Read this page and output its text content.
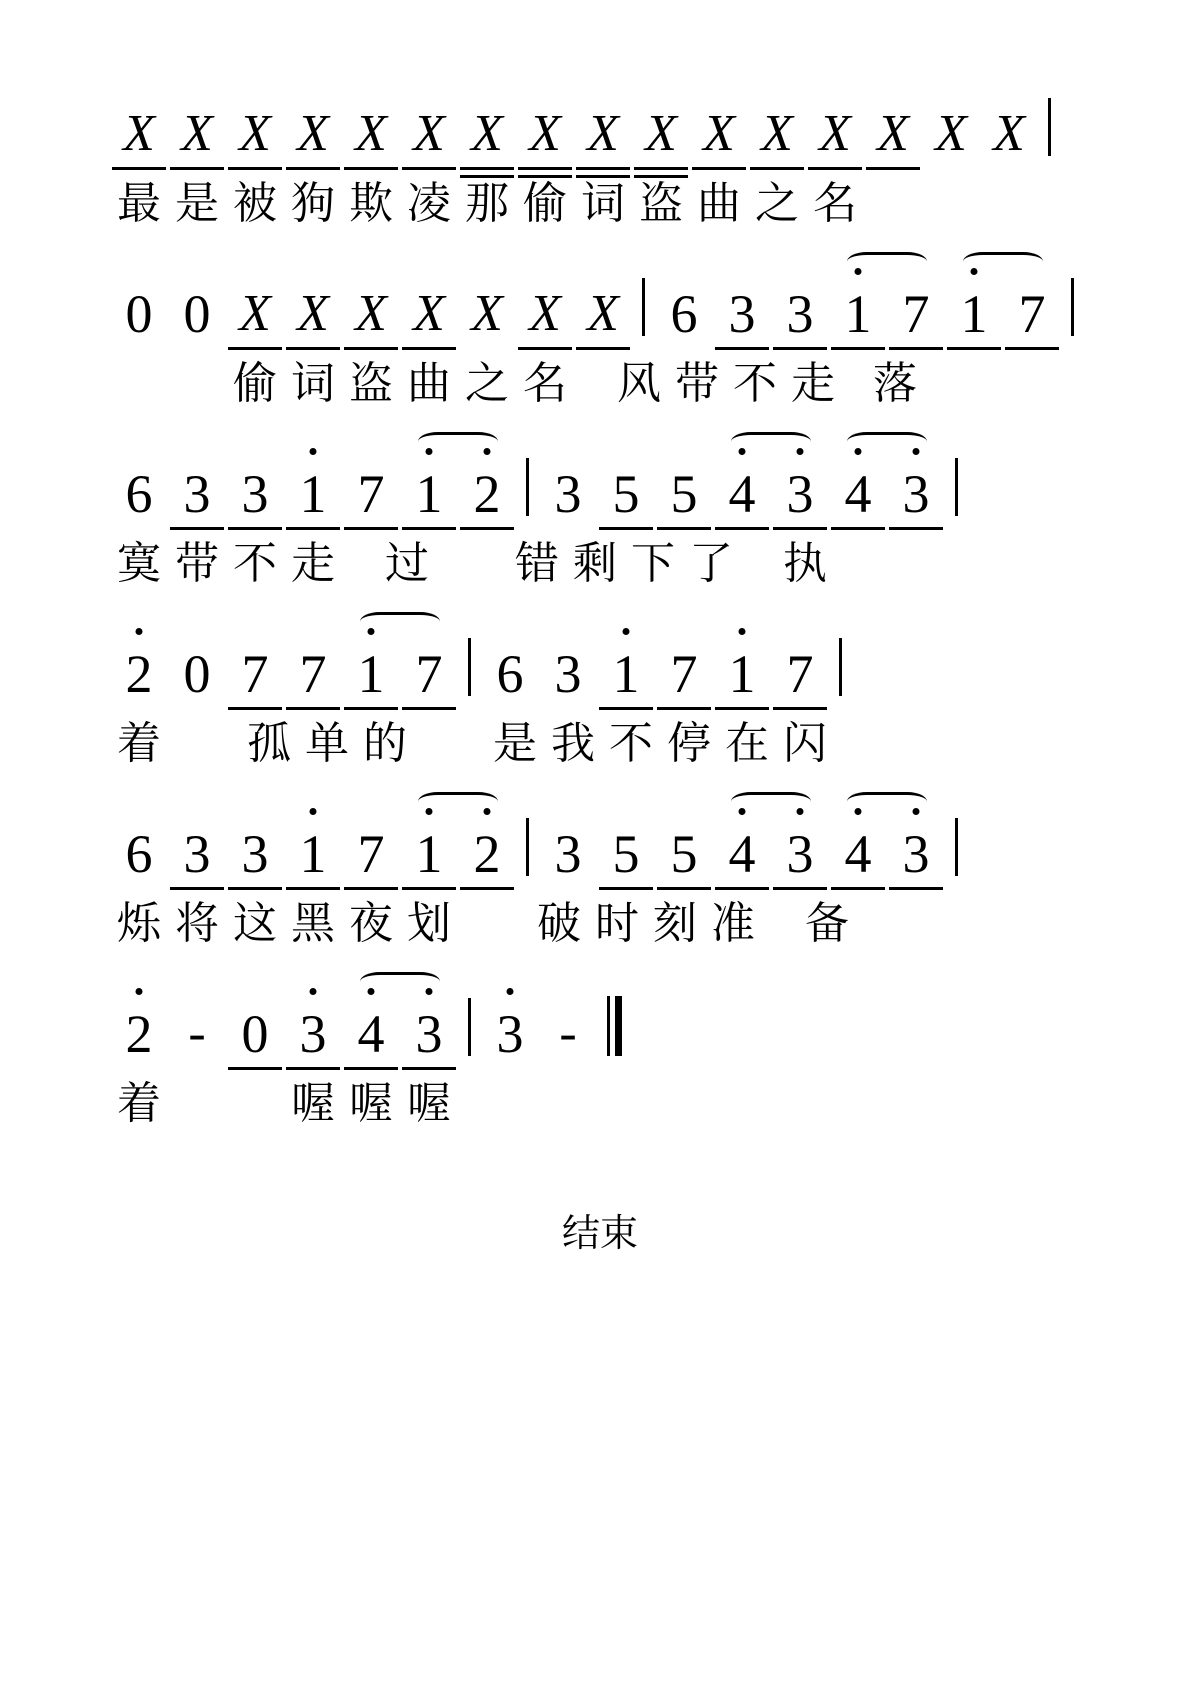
X X X X X X X X X X X X X X X X
最 是 被 狗 欺 凌 那 偷 词 盗 曲 之 名
0 0 X X X X X X X 6 3 3 1 7 1 7
偷 词 盗 曲 之 名 风 带 不 走 落
6 3 3 1 7 1 2 3 5 5 4 3 4 3
寞 带 不 走 过 错 剩 下 了 执
2 0 7 7 1 7 6 3 1 7 1 7
着 孤 单 的 是 我 不 停 在 闪
6 3 3 1 7 1 2 3 5 5 4 3 4 3
烁 将 这 黑 夜 划 破 时 刻 准 备
2 - 0 3 4 3 3 -
着	喔 喔 喔
结束
